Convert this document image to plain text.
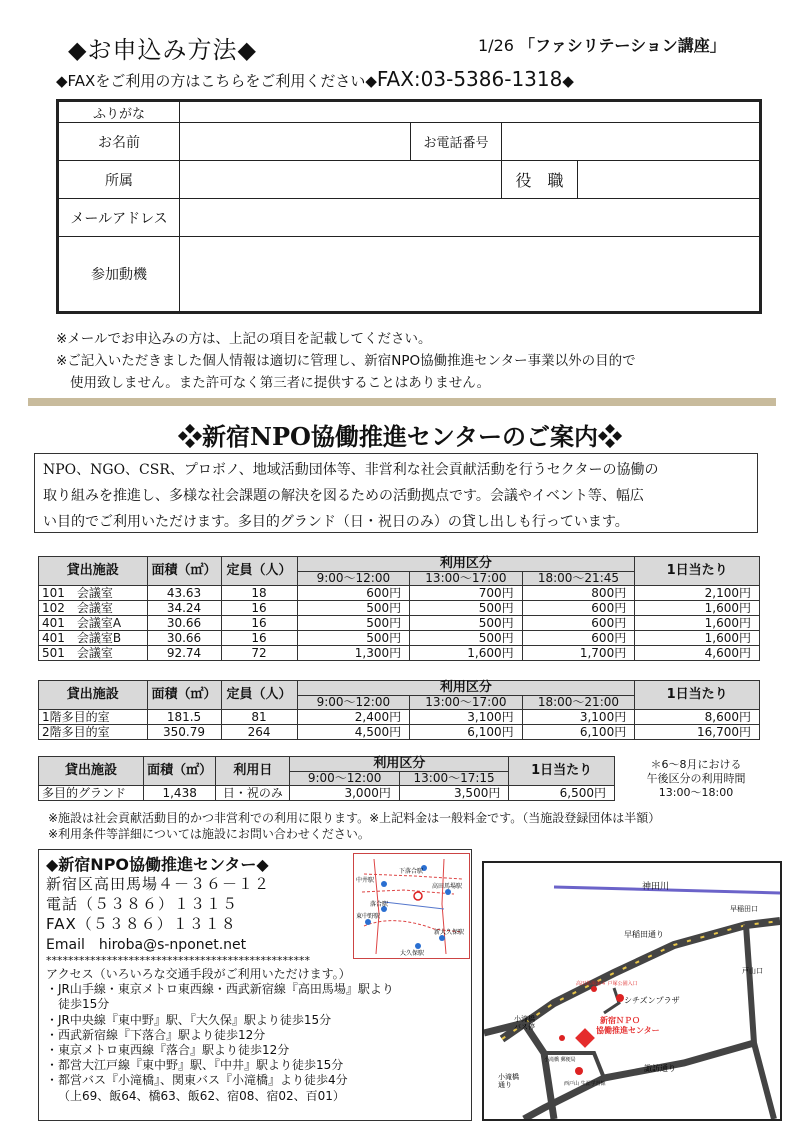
◆お申込み方法◆	1/26 「ファシリテーション講座」
◆FAXをご利用の方はこちらをご利用ください◆FAX:03-5386-1318◆
ふりがな				
お名前		お電話番号		
所属			役　職	
メールアドレス				
参加動機				
※メールでお申込みの方は、上記の項目を記載してください。
※ご記入いただきました個人情報は適切に管理し、新宿NPO協働推進センター事業以外の目的で
使用致しません。また許可なく第三者に提供することはありません。
❖新宿NPO協働推進センターのご案内❖
NPO、NGO、CSR、プロボノ、地域活動団体等、非営利な社会貢献活動を行うセクターの協働の
取り組みを推進し、多様な社会課題の解決を図るための活動拠点です。会議やイベント等、幅広
い目的でご利用いただけます。多目的グランド（日・祝日のみ）の貸し出しも行っています。
貸出施設	面積（㎡）	定員（人）	利用区分			1日当たり
			9:00～12:00	13:00～17:00	18:00～21:45	
101　会議室	43.63	18	600円	700円	800円	2,100円
102　会議室	34.24	16	500円	500円	600円	1,600円
401　会議室A	30.66	16	500円	500円	600円	1,600円
401　会議室B	30.66	16	500円	500円	600円	1,600円
501　会議室	92.74	72	1,300円	1,600円	1,700円	4,600円
貸出施設	面積（㎡）	定員（人）	利用区分			1日当たり
			9:00～12:00	13:00～17:00	18:00～21:00	
1階多目的室	181.5	81	2,400円	3,100円	3,100円	8,600円
2階多目的室	350.79	264	4,500円	6,100円	6,100円	16,700円
貸出施設	面積（㎡）	利用日	利用区分		1日当たり
			9:00～12:00	13:00～17:15	
多目的グランド	1,438	日・祝のみ	3,000円	3,500円	6,500円
＊6～8月における
午後区分の利用時間
13:00～18:00
※施設は社会貢献活動目的かつ非営利での利用に限ります。※上記料金は一般料金です。（当施設登録団体は半額）
※利用条件等詳細については施設にお問い合わせください。
◆新宿NPO協働推進センター◆
新宿区高田馬場４－３６－１２
電話（５３８６）１３１５
FAX（５３８６）１３１８
Email　hiroba@s-nponet.net
************************************************
アクセス（いろいろな交通手段がご利用いただけます。）
・JR山手線・東京メトロ東西線・西武新宿線『高田馬場』駅より
徒歩15分
・JR中央線『東中野』駅、『大久保』駅より徒歩15分
・西武新宿線『下落合』駅より徒歩12分
・東京メトロ東西線『落合』駅より徒歩12分
・都営大江戸線『東中野』駅、『中井』駅より徒歩15分
・都営バス『小滝橋』、関東バス『小滝橋』より徒歩4分
（上69、飯64、橋63、飯62、宿08、宿02、百01）
下落合駅
中井駅
高田馬場駅
落合駅
東中野駅
新大久保駅
大久保駅
神田川
早稲田通り
早稲田口
シチズンプラザ
戸山口
新宿ＮＰＯ
協働推進センター
小滝橋
バス停
諏訪通り
小滝橋
通り
小滝橋 郵便局
西戸山 生涯学習館
高田馬場第４ 戸塚公園入口
